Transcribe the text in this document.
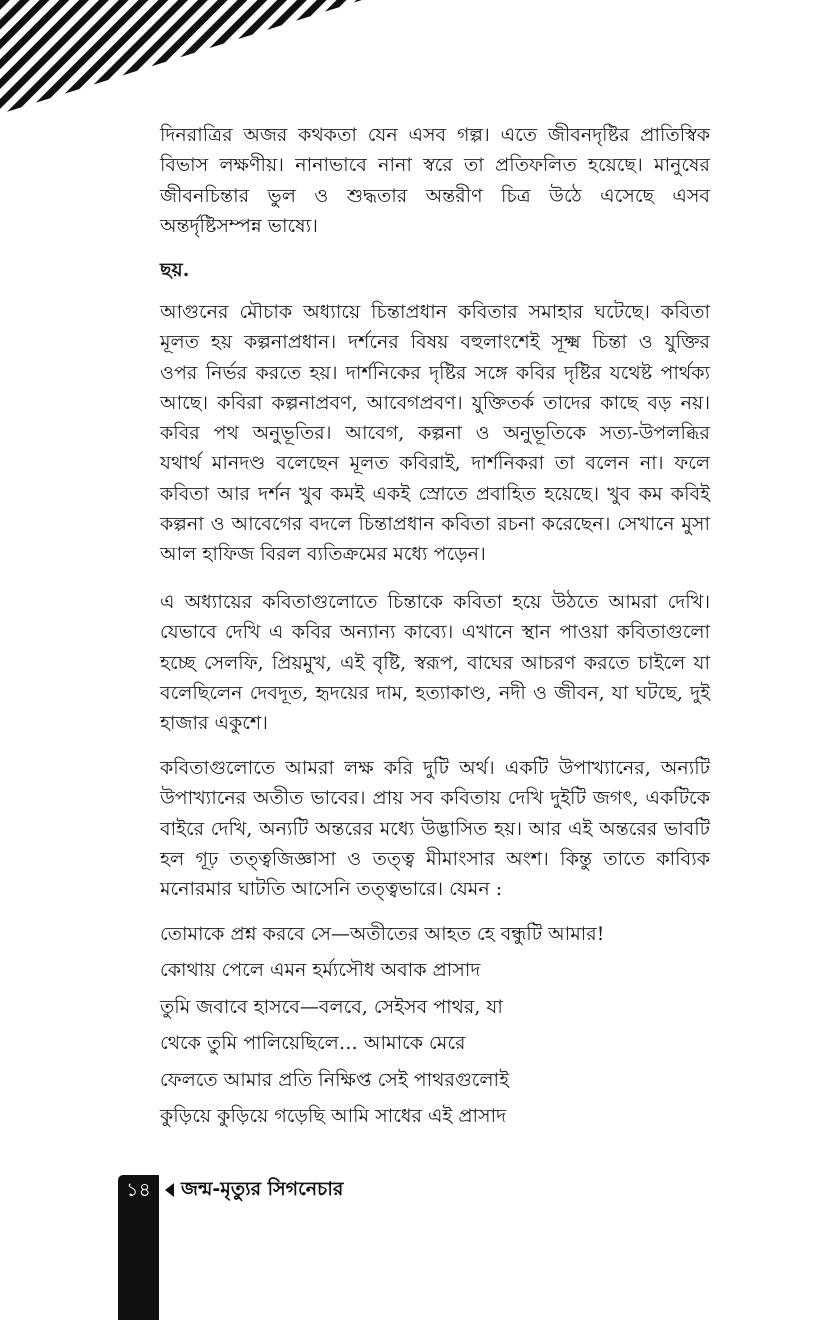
দিনরাত্রির অজর কথকতা যেন এসব গল্প। এতে জীবনদৃষ্টির প্রাতিস্বিক
বিভাস লক্ষণীয়। নানাভাবে নানা স্বরে তা প্রতিফলিত হয়েছে। মানুষের
জীবনচিন্তার ভুল ও শুদ্ধতার অন্তরীণ চিত্র উঠে এসেছে এসব
অন্তর্দৃষ্টিসম্পন্ন ভাষ্যে।
ছয়.
আগুনের মৌচাক অধ্যায়ে চিন্তাপ্রধান কবিতার সমাহার ঘটেছে। কবিতা
মূলত হয় কল্পনাপ্রধান। দর্শনের বিষয় বহুলাংশেই সূক্ষ্ম চিন্তা ও যুক্তির
ওপর নির্ভর করতে হয়। দার্শনিকের দৃষ্টির সঙ্গে কবির দৃষ্টির যথেষ্ট পার্থক্য
আছে। কবিরা কল্পনাপ্রবণ, আবেগপ্রবণ। যুক্তিতর্ক তাদের কাছে বড় নয়।
কবির পথ অনুভূতির। আবেগ, কল্পনা ও অনুভূতিকে সত্য-উপলব্ধির
যথার্থ মানদণ্ড বলেছেন মূলত কবিরাই, দার্শনিকরা তা বলেন না। ফলে
কবিতা আর দর্শন খুব কমই একই স্রোতে প্রবাহিত হয়েছে। খুব কম কবিই
কল্পনা ও আবেগের বদলে চিন্তাপ্রধান কবিতা রচনা করেছেন। সেখানে মুসা
আল হাফিজ বিরল ব্যতিক্রমের মধ্যে পড়েন।
এ অধ্যায়ের কবিতাগুলোতে চিন্তাকে কবিতা হয়ে উঠতে আমরা দেখি।
যেভাবে দেখি এ কবির অন্যান্য কাব্যে। এখানে স্থান পাওয়া কবিতাগুলো
হচ্ছে সেলফি, প্রিয়মুখ, এই বৃষ্টি, স্বরূপ, বাঘের আচরণ করতে চাইলে যা
বলেছিলেন দেবদূত, হৃদয়ের দাম, হত্যাকাণ্ড, নদী ও জীবন, যা ঘটছে, দুই
হাজার একুশে।
কবিতাগুলোতে আমরা লক্ষ করি দুটি অর্থ। একটি উপাখ্যানের, অন্যটি
উপাখ্যানের অতীত ভাবের। প্রায় সব কবিতায় দেখি দুইটি জগৎ, একটিকে
বাইরে দেখি, অন্যটি অন্তরের মধ্যে উদ্ভাসিত হয়। আর এই অন্তরের ভাবটি
হল গূঢ় তত্ত্বজিজ্ঞাসা ও তত্ত্ব মীমাংসার অংশ। কিন্তু তাতে কাব্যিক
মনোরমার ঘাটতি আসেনি তত্ত্বভারে। যেমন :
তোমাকে প্রশ্ন করবে সে—অতীতের আহত হে বন্ধুটি আমার!
কোথায় পেলে এমন হর্ম্যসৌধ অবাক প্রাসাদ
তুমি জবাবে হাসবে—বলবে, সেইসব পাথর, যা
থেকে তুমি পালিয়েছিলে… আমাকে মেরে
ফেলতে আমার প্রতি নিক্ষিপ্ত সেই পাথরগুলোই
কুড়িয়ে কুড়িয়ে গড়েছি আমি সাধের এই প্রাসাদ
১৪	জন্ম-মৃত্যুর সিগনেচার
